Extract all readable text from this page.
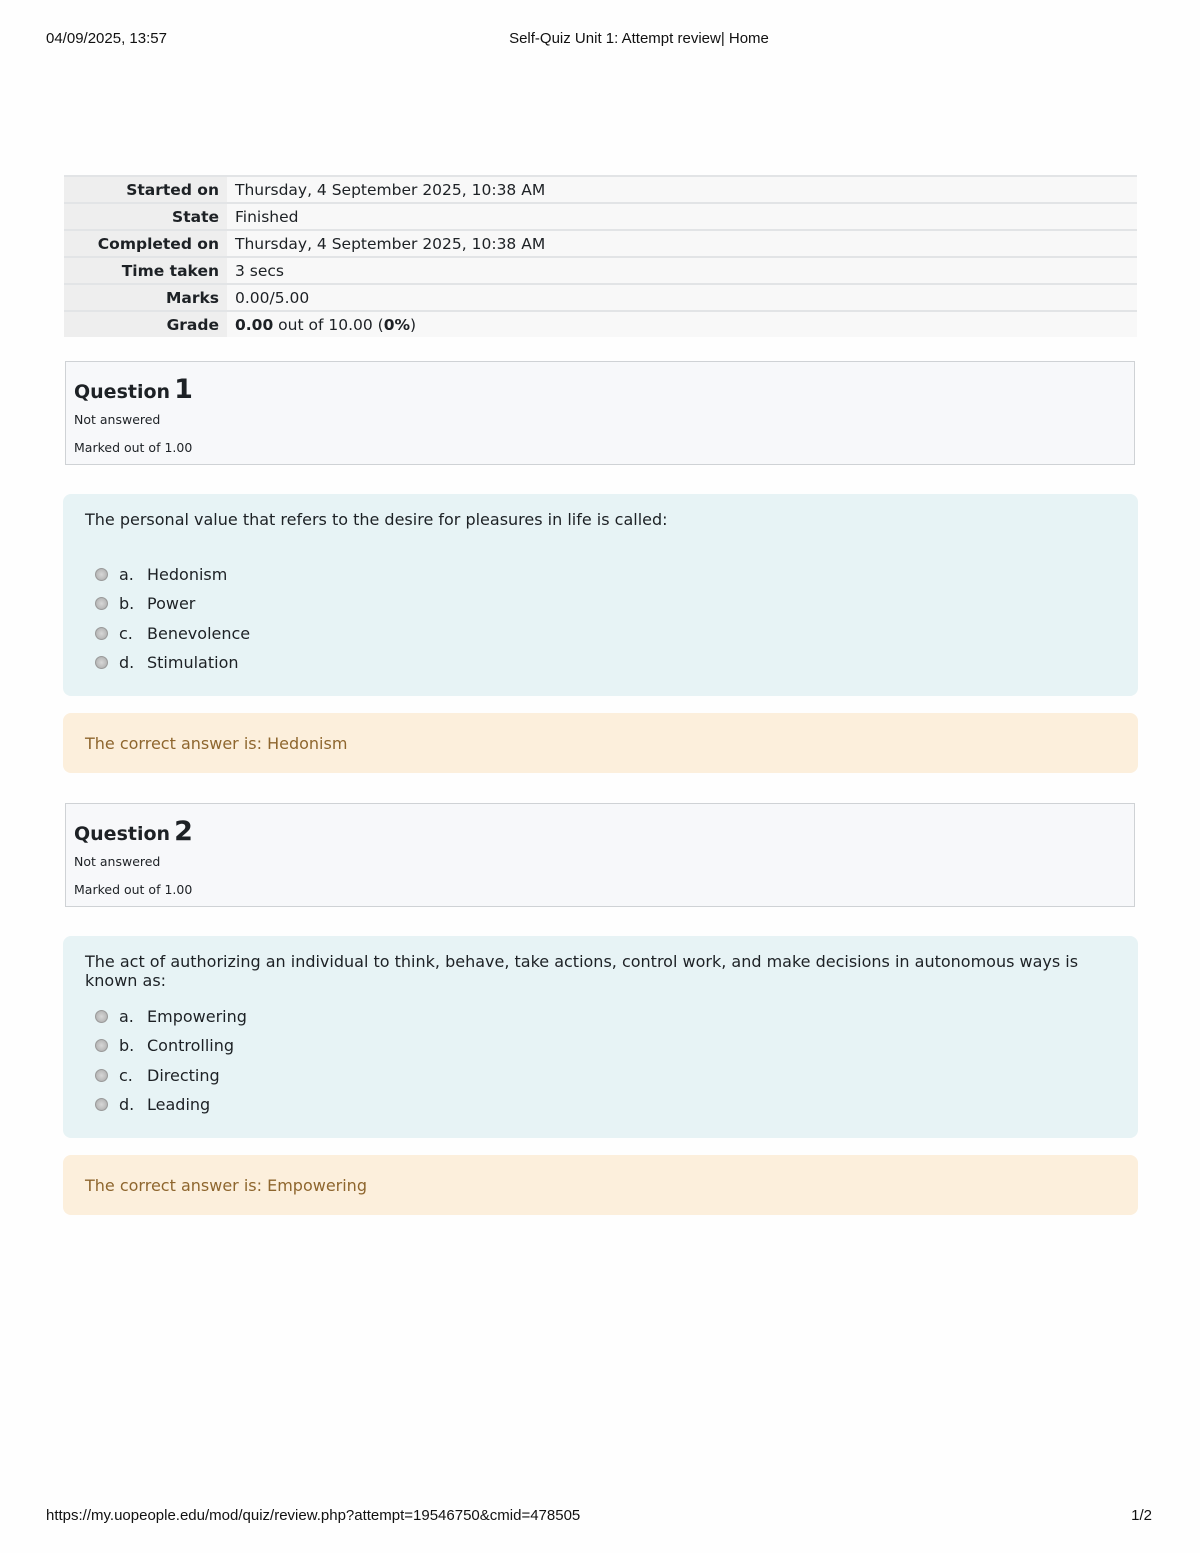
04/09/2025, 13:57	Self-Quiz Unit 1: Attempt review| Home
Started on	Thursday, 4 September 2025, 10:38 AM
State	Finished
Completed on	Thursday, 4 September 2025, 10:38 AM
Time taken	3 secs
Marks	0.00/5.00
Grade	0.00 out of 10.00 (0%)
Question 1
Not answered
Marked out of 1.00
The personal value that refers to the desire for pleasures in life is called:
a. Hedonism
b. Power
c. Benevolence
d. Stimulation
The correct answer is: Hedonism
Question 2
Not answered
Marked out of 1.00
The act of authorizing an individual to think, behave, take actions, control work, and make decisions in autonomous ways is known as:
a. Empowering
b. Controlling
c. Directing
d. Leading
The correct answer is: Empowering
https://my.uopeople.edu/mod/quiz/review.php?attempt=19546750&cmid=478505	1/2
